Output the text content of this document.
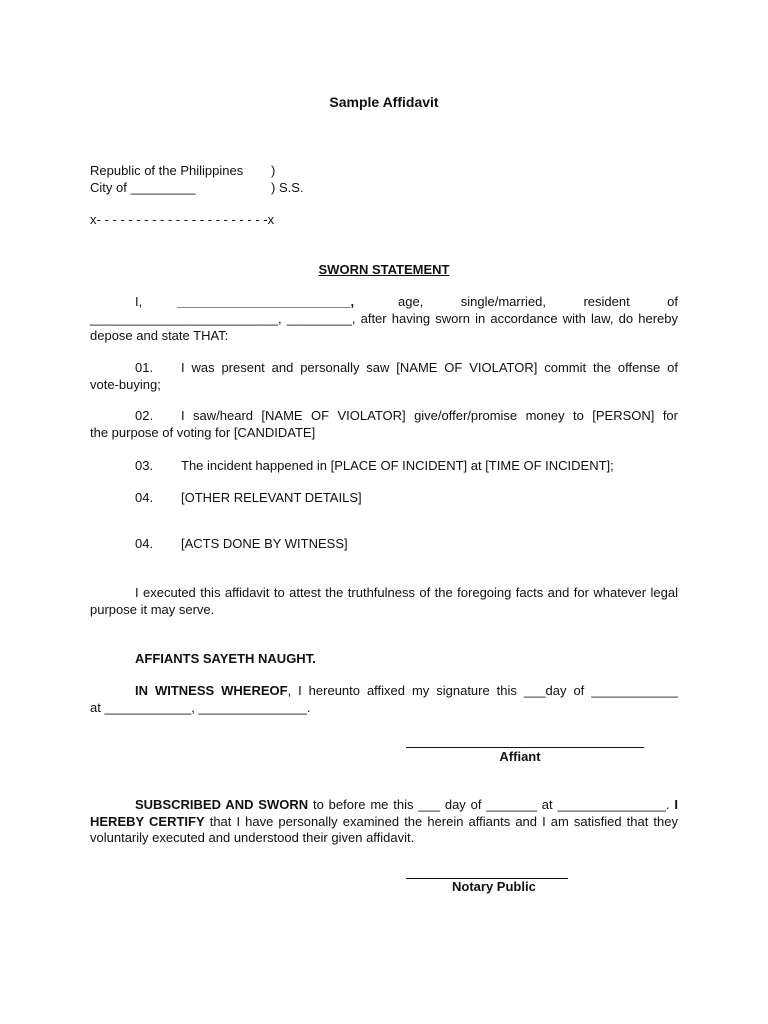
Sample Affidavit
Republic of the Philippines )
City of _________	) S.S.
x- - - - - - - - - - - - - - - - - - - - - -x
SWORN STATEMENT
I,	________________________,	age, single/married, resident of
__________________________, _________, after having sworn in accordance with law, do hereby depose and state THAT:
01. I was present and personally saw [NAME OF VIOLATOR] commit the offense of
vote-buying;
02. I saw/heard [NAME OF VIOLATOR] give/offer/promise money to [PERSON] for
the purpose of voting for [CANDIDATE]
03. The incident happened in [PLACE OF INCIDENT] at [TIME OF INCIDENT];
04. [OTHER RELEVANT DETAILS]
04. [ACTS DONE BY WITNESS]
I executed this affidavit to attest the truthfulness of the foregoing facts and for whatever legal purpose it may serve.
AFFIANTS SAYETH NAUGHT.
IN WITNESS WHEREOF, I hereunto affixed my signature this ___day of ____________
at ____________, _______________.
Affiant
SUBSCRIBED AND SWORN to before me this ___ day of _______ at _______________. I HEREBY CERTIFY that I have personally examined the herein affiants and I am satisfied that they voluntarily executed and understood their given affidavit.
Notary Public
